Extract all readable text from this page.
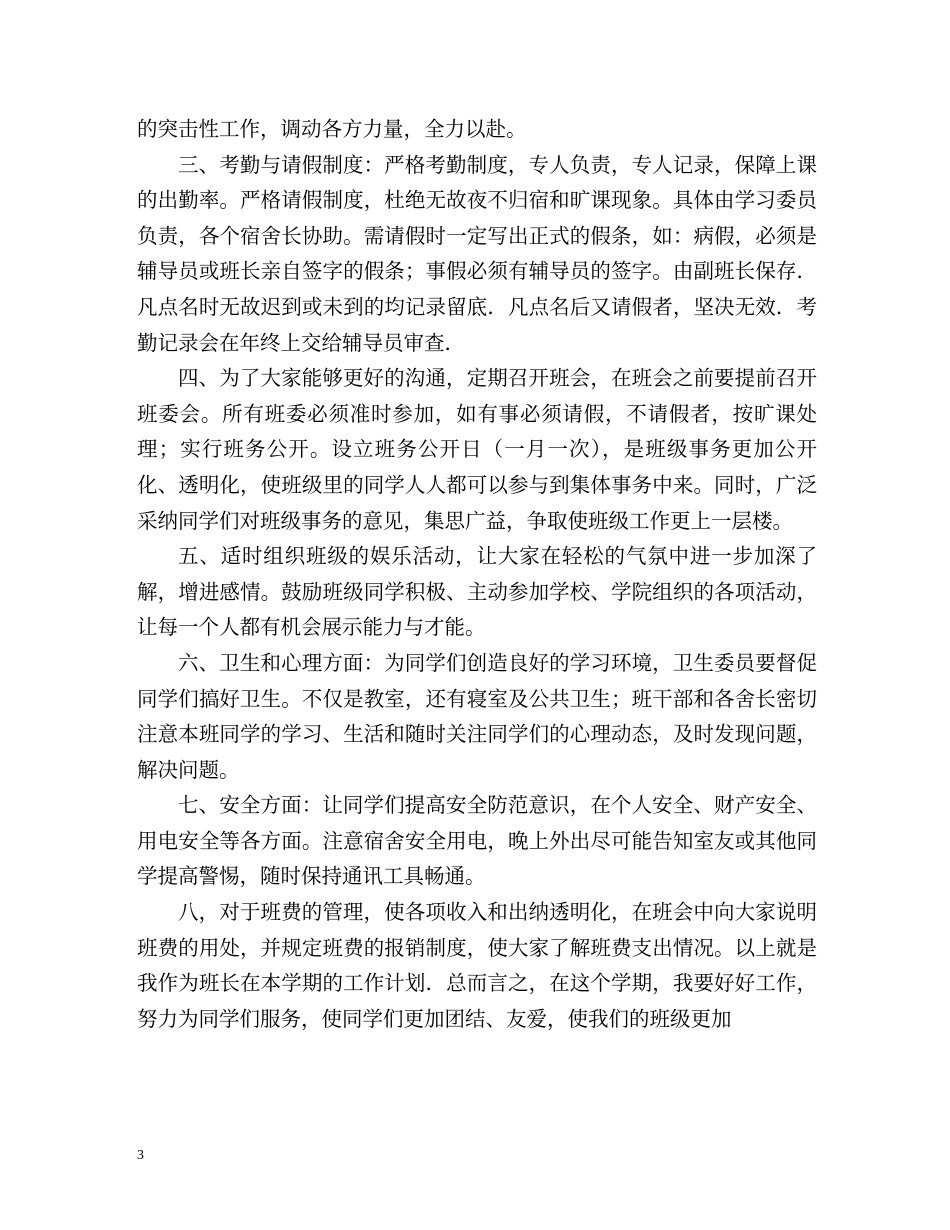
的突击性工作，调动各方力量，全力以赴。

三、考勤与请假制度：严格考勤制度，专人负责，专人记录，保障上课的出勤率。严格请假制度，杜绝无故夜不归宿和旷课现象。具体由学习委员负责，各个宿舍长协助。需请假时一定写出正式的假条，如：病假，必须是辅导员或班长亲自签字的假条；事假必须有辅导员的签字。由副班长保存．凡点名时无故迟到或未到的均记录留底．凡点名后又请假者，坚决无效．考勤记录会在年终上交给辅导员审查．

四、为了大家能够更好的沟通，定期召开班会，在班会之前要提前召开班委会。所有班委必须准时参加，如有事必须请假，不请假者，按旷课处理；实行班务公开。设立班务公开日（一月一次），是班级事务更加公开化、透明化，使班级里的同学人人都可以参与到集体事务中来。同时，广泛采纳同学们对班级事务的意见，集思广益，争取使班级工作更上一层楼。

五、适时组织班级的娱乐活动，让大家在轻松的气氛中进一步加深了解，增进感情。鼓励班级同学积极、主动参加学校、学院组织的各项活动，让每一个人都有机会展示能力与才能。

六、卫生和心理方面：为同学们创造良好的学习环境，卫生委员要督促同学们搞好卫生。不仅是教室，还有寝室及公共卫生；班干部和各舍长密切注意本班同学的学习、生活和随时关注同学们的心理动态，及时发现问题，解决问题。

七、安全方面：让同学们提高安全防范意识，在个人安全、财产安全、用电安全等各方面。注意宿舍安全用电，晚上外出尽可能告知室友或其他同学提高警惕，随时保持通讯工具畅通。

八，对于班费的管理，使各项收入和出纳透明化，在班会中向大家说明班费的用处，并规定班费的报销制度，使大家了解班费支出情况。以上就是我作为班长在本学期的工作计划．总而言之，在这个学期，我要好好工作，努力为同学们服务，使同学们更加团结、友爱，使我们的班级更加

3
